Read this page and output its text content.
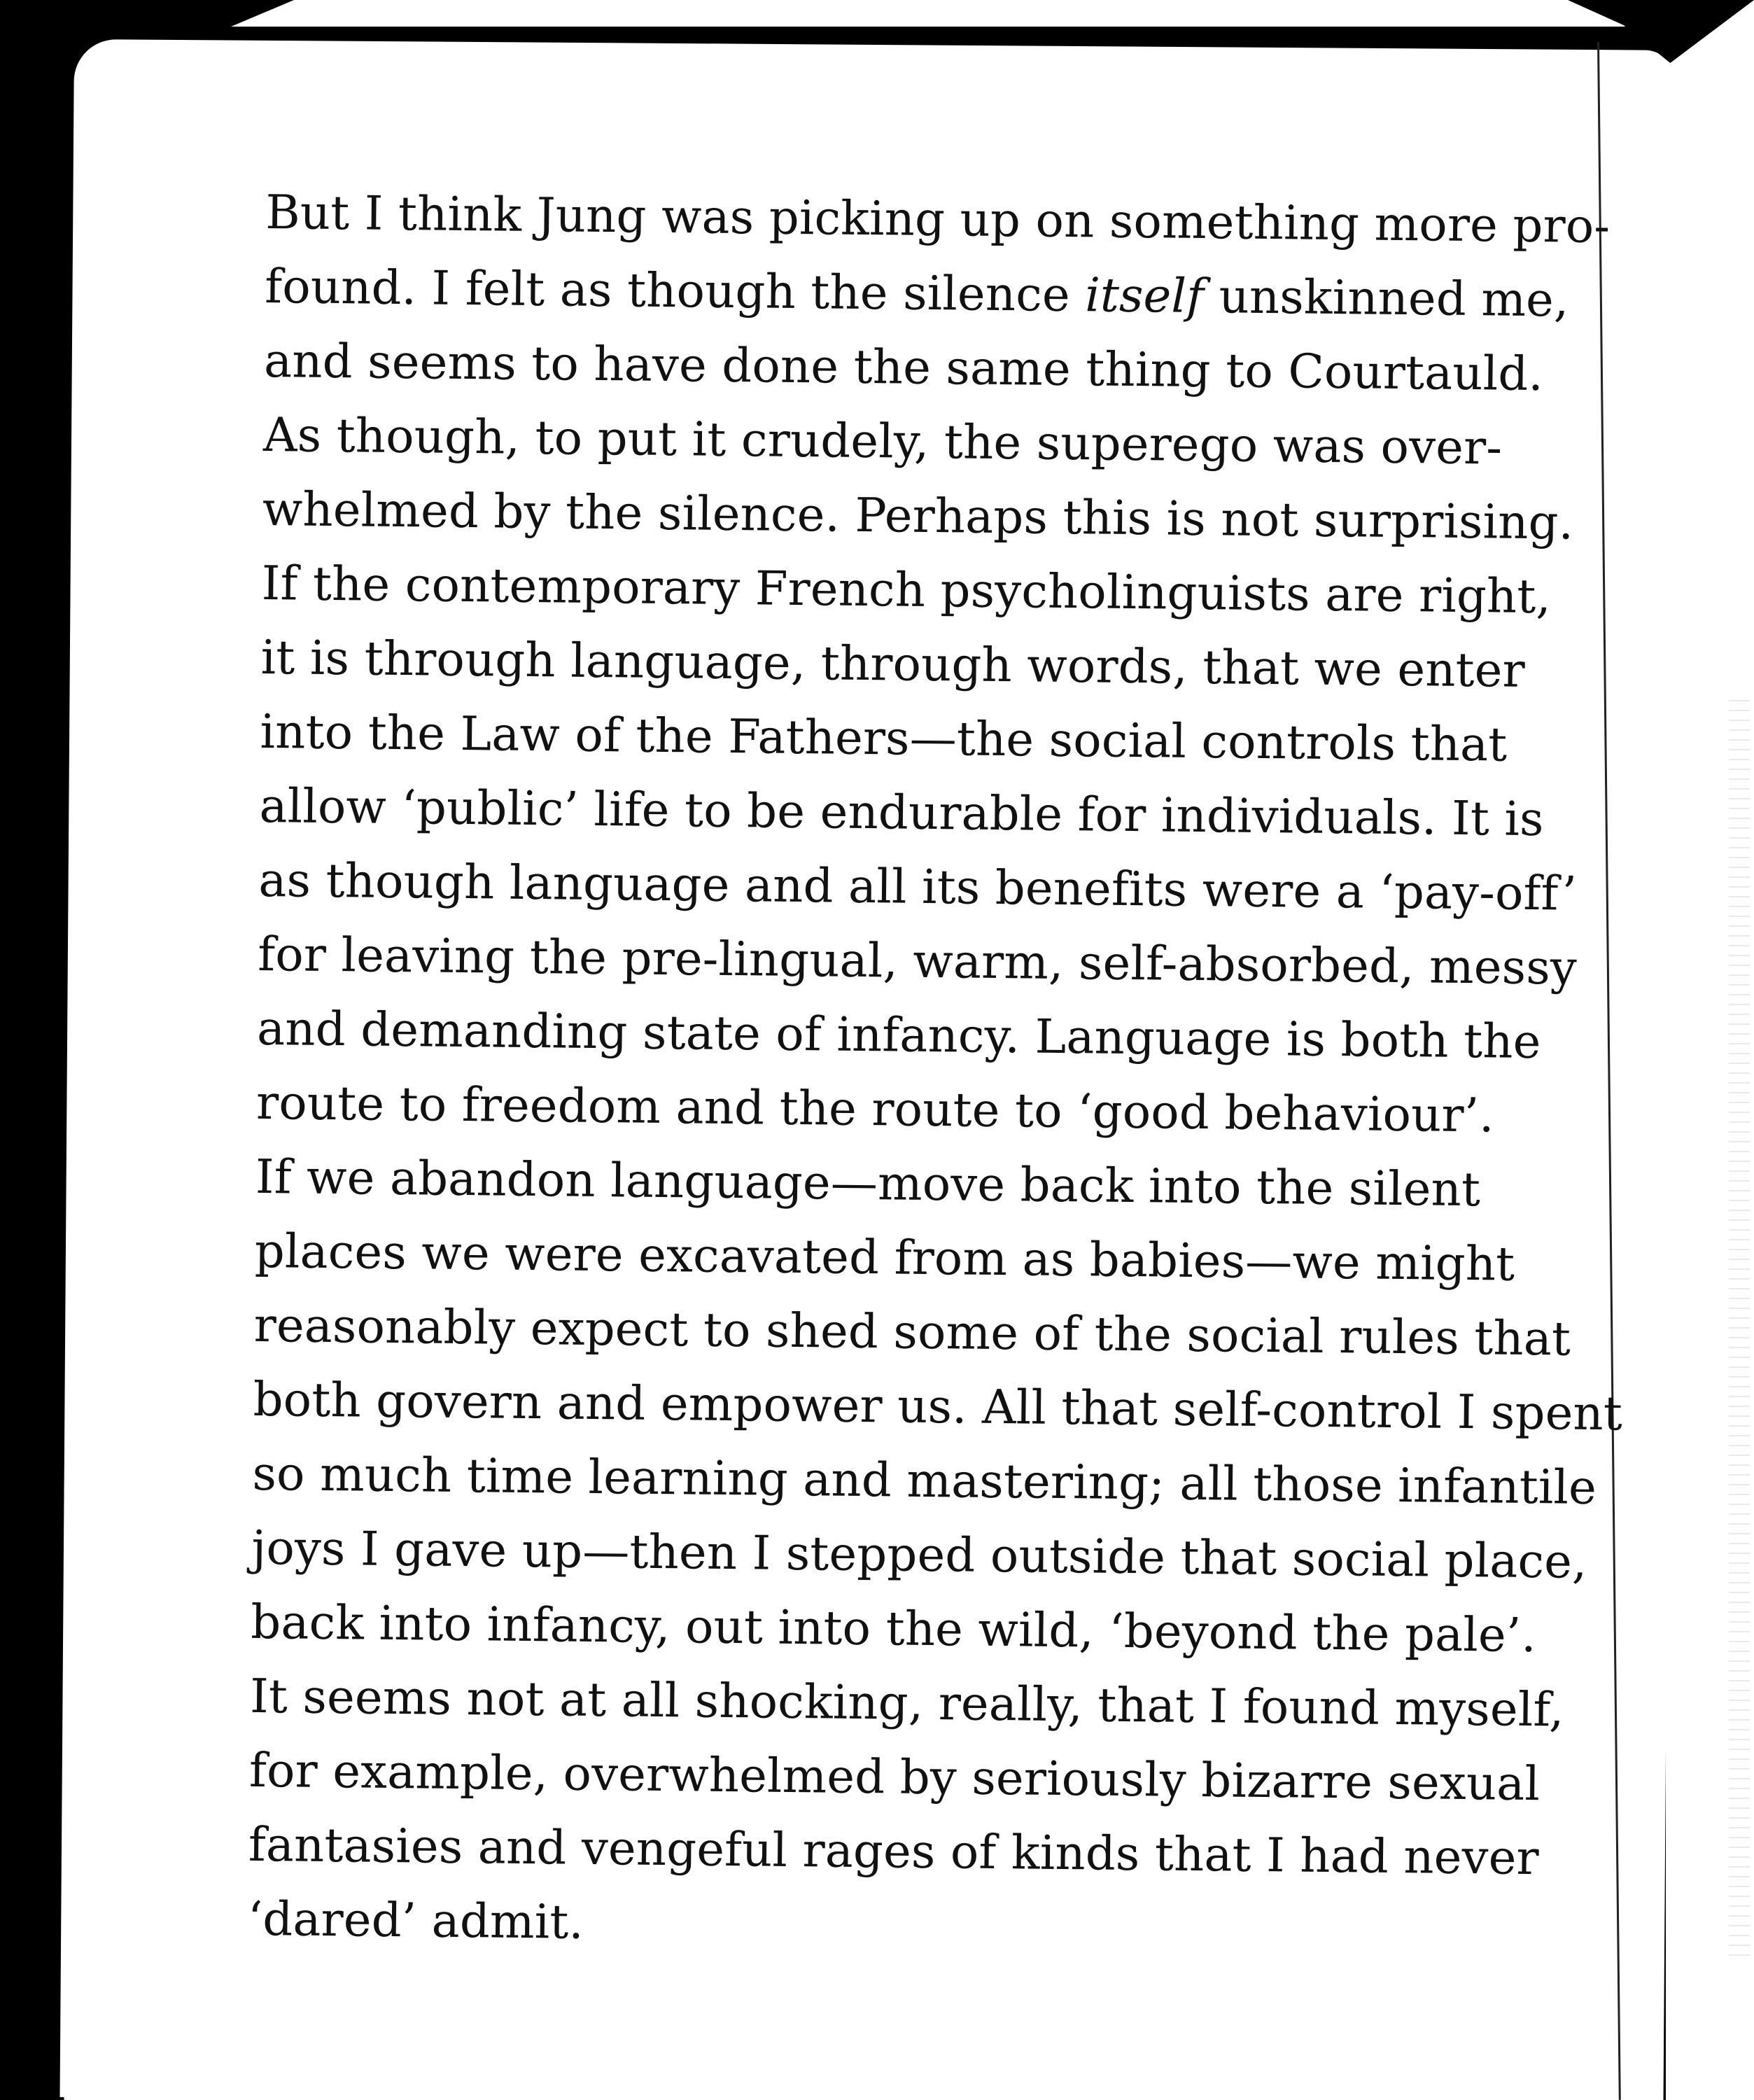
But I think Jung was picking up on something more pro-
found. I felt as though the silence itself unskinned me,
and seems to have done the same thing to Courtauld.
As though, to put it crudely, the superego was over-
whelmed by the silence. Perhaps this is not surprising.
If the contemporary French psycholinguists are right,
it is through language, through words, that we enter
into the Law of the Fathers—the social controls that
allow ‘public’ life to be endurable for individuals. It is
as though language and all its benefits were a ‘pay-off’
for leaving the pre-lingual, warm, self-absorbed, messy
and demanding state of infancy. Language is both the
route to freedom and the route to ‘good behaviour’.
If we abandon language—move back into the silent
places we were excavated from as babies—we might
reasonably expect to shed some of the social rules that
both govern and empower us. All that self-control I spent
so much time learning and mastering; all those infantile
joys I gave up—then I stepped outside that social place,
back into infancy, out into the wild, ‘beyond the pale’.
It seems not at all shocking, really, that I found myself,
for example, overwhelmed by seriously bizarre sexual
fantasies and vengeful rages of kinds that I had never
‘dared’ admit.
